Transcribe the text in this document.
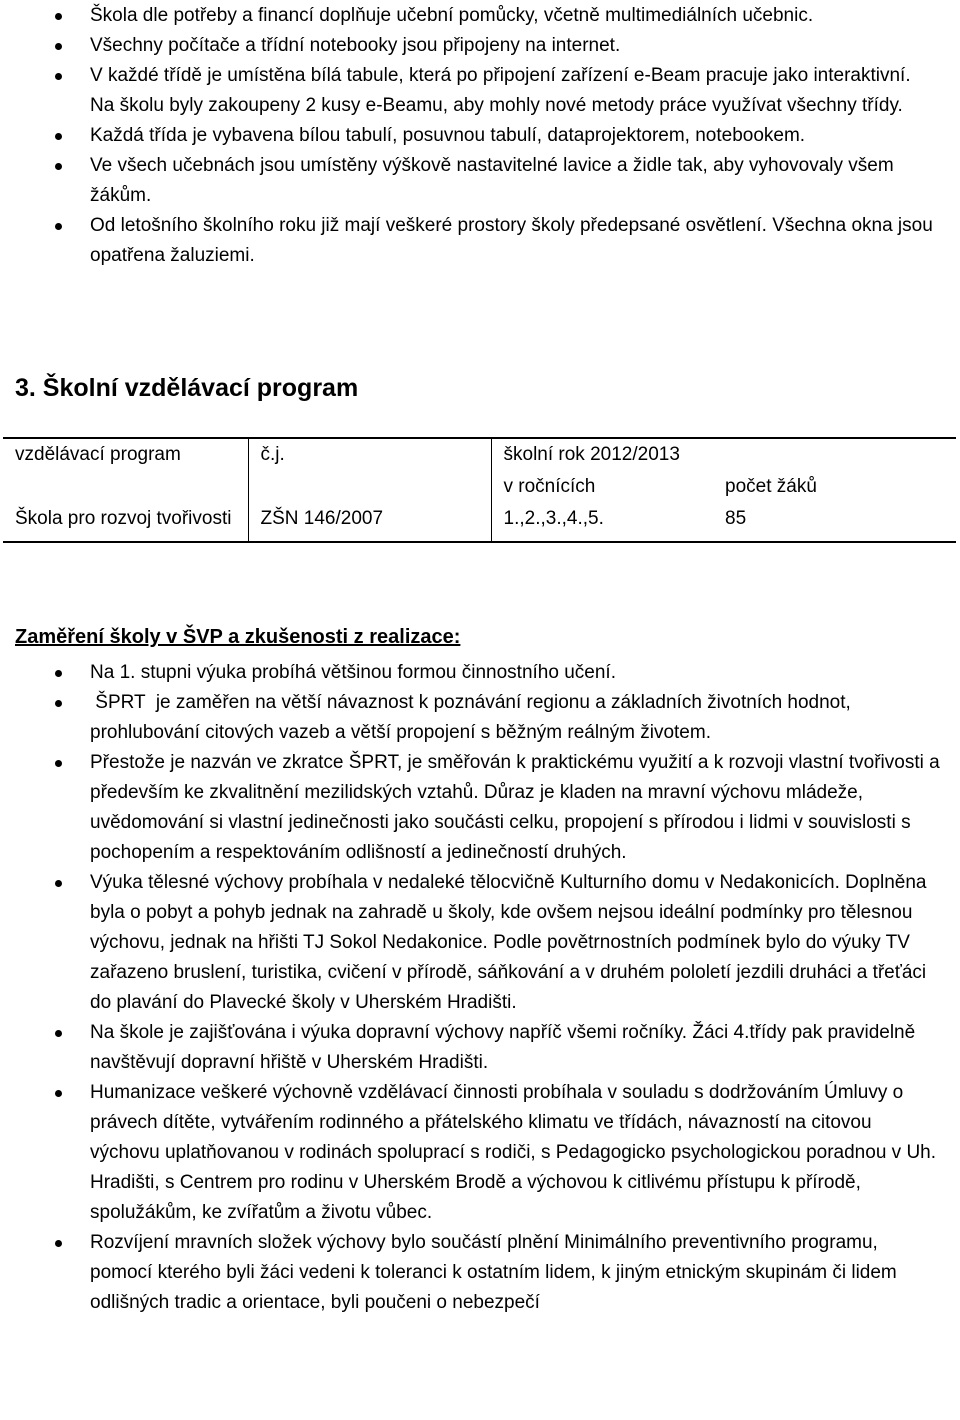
Škola dle potřeby a financí doplňuje učební pomůcky, včetně multimediálních učebnic.
Všechny počítače a třídní notebooky jsou připojeny na internet.
V každé třídě je umístěna bílá tabule, která po připojení zařízení e-Beam pracuje jako interaktivní. Na školu byly zakoupeny 2 kusy e-Beamu, aby mohly nové metody práce využívat všechny třídy.
Každá třída je vybavena bílou tabulí, posuvnou tabulí, dataprojektorem, notebookem.
Ve všech učebnách jsou umístěny výškově nastavitelné lavice a židle tak, aby vyhovovaly všem žákům.
Od letošního školního roku již mají veškeré prostory školy předepsané osvětlení. Všechna okna jsou opatřena žaluziemi.
3. Školní vzdělávací program
vzdělávací program	č.j.	školní rok 2012/2013	
		v ročnících	počet žáků
Škola pro rozvoj tvořivosti	ZŠN 146/2007	1.,2.,3.,4.,5.	85
Zaměření školy v ŠVP a zkušenosti z realizace:
Na 1. stupni výuka probíhá většinou formou činnostního učení.
ŠPRT  je zaměřen na větší návaznost k poznávání regionu a základních životních hodnot, prohlubování citových vazeb a větší propojení s běžným reálným životem.
Přestože je nazván ve zkratce ŠPRT, je směřován k praktickému využití a k rozvoji vlastní tvořivosti a především ke zkvalitnění mezilidských vztahů. Důraz je kladen na mravní výchovu mládeže, uvědomování si vlastní jedinečnosti jako součásti celku, propojení s přírodou i lidmi v souvislosti s pochopením a respektováním odlišností a jedinečností druhých.
Výuka tělesné výchovy probíhala v nedaleké tělocvičně Kulturního domu v Nedakonicích. Doplněna byla o pobyt a pohyb jednak na zahradě u školy, kde ovšem nejsou ideální podmínky pro tělesnou výchovu, jednak na hřišti TJ Sokol Nedakonice. Podle povětrnostních podmínek bylo do výuky TV zařazeno bruslení, turistika, cvičení v přírodě, sáňkování a v druhém pololetí jezdili druháci a třeťáci do plavání do Plavecké školy v Uherském Hradišti.
Na škole je zajišťována i výuka dopravní výchovy napříč všemi ročníky. Žáci 4.třídy pak pravidelně navštěvují dopravní hřiště v Uherském Hradišti.
Humanizace veškeré výchovně vzdělávací činnosti probíhala v souladu s dodržováním Úmluvy o právech dítěte, vytvářením rodinného a přátelského klimatu ve třídách, návazností na citovou výchovu uplatňovanou v rodinách spoluprací s rodiči, s Pedagogicko psychologickou poradnou v Uh. Hradišti, s Centrem pro rodinu v Uherském Brodě a výchovou k citlivému přístupu k přírodě, spolužákům, ke zvířatům a životu vůbec.
Rozvíjení mravních složek výchovy bylo součástí plnění Minimálního preventivního programu, pomocí kterého byli žáci vedeni k toleranci k ostatním lidem, k jiným etnickým skupinám či lidem odlišných tradic a orientace, byli poučeni o nebezpečí
